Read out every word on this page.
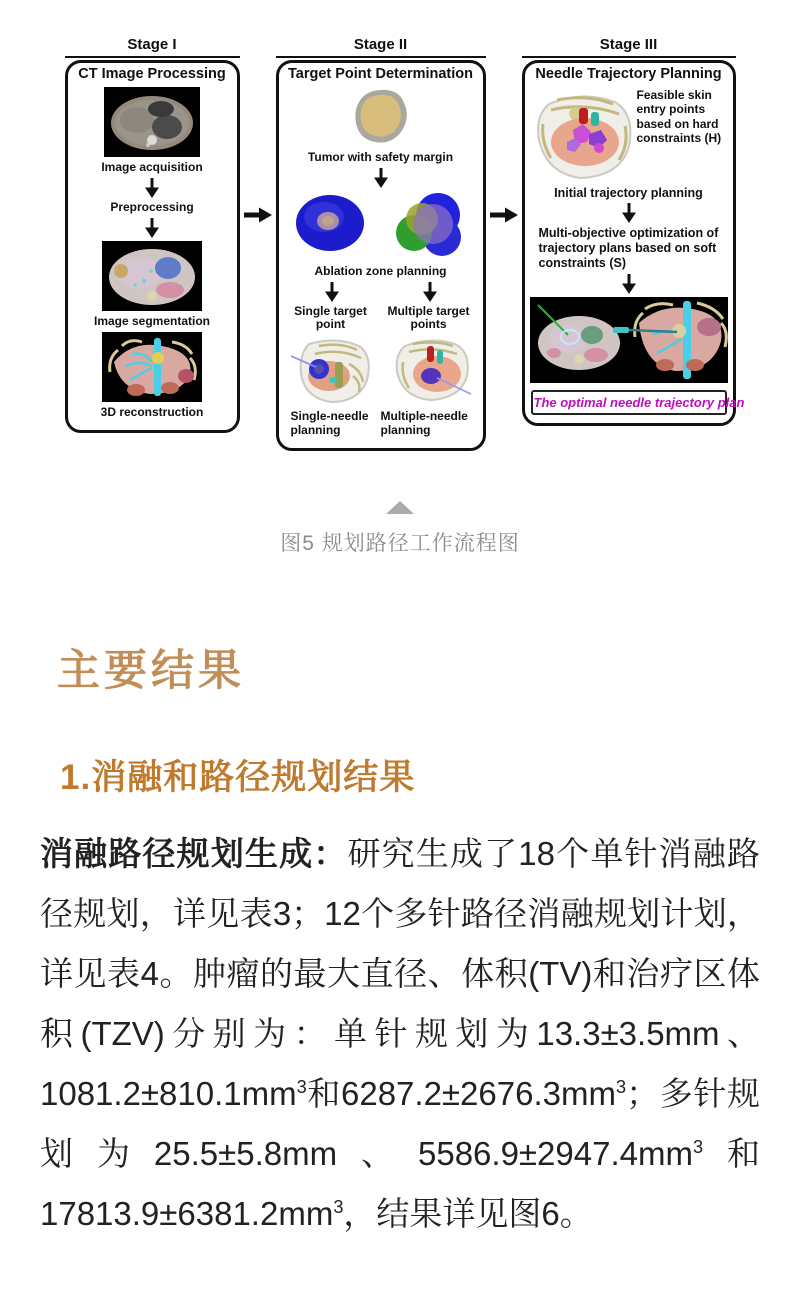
Stage I
CT Image Processing
Image acquisition
Preprocessing
Image segmentation
3D reconstruction
Stage II
Target Point Determination
Tumor with safety margin
Ablation zone planning
Single target point
Multiple target points
Single-needle planning
Multiple-needle planning
Stage III
Needle Trajectory Planning
Feasible skin entry points based on hard constraints (H)
Initial trajectory planning
Multi-objective optimization of trajectory plans based on soft constraints (S)
The optimal needle trajectory plan
图5 规划路径工作流程图
主要结果
1.消融和路径规划结果

消融路径规划生成：研究生成了18个单针消融路径规划，详见表3；12个多针路径消融规划计划，详见表4。肿瘤的最大直径、体积(TV)和治疗区体积(TZV)分别为：单针规划为13.3±3.5mm、$1081.2\pm 810.1mm^3$和$6287.2\pm 2676.3mm^3$；多针规划为25.5±5.8mm、$5586.9\pm 2947.4mm^3$和$17813.9\pm 6381.2mm^3$，结果详见图6。
